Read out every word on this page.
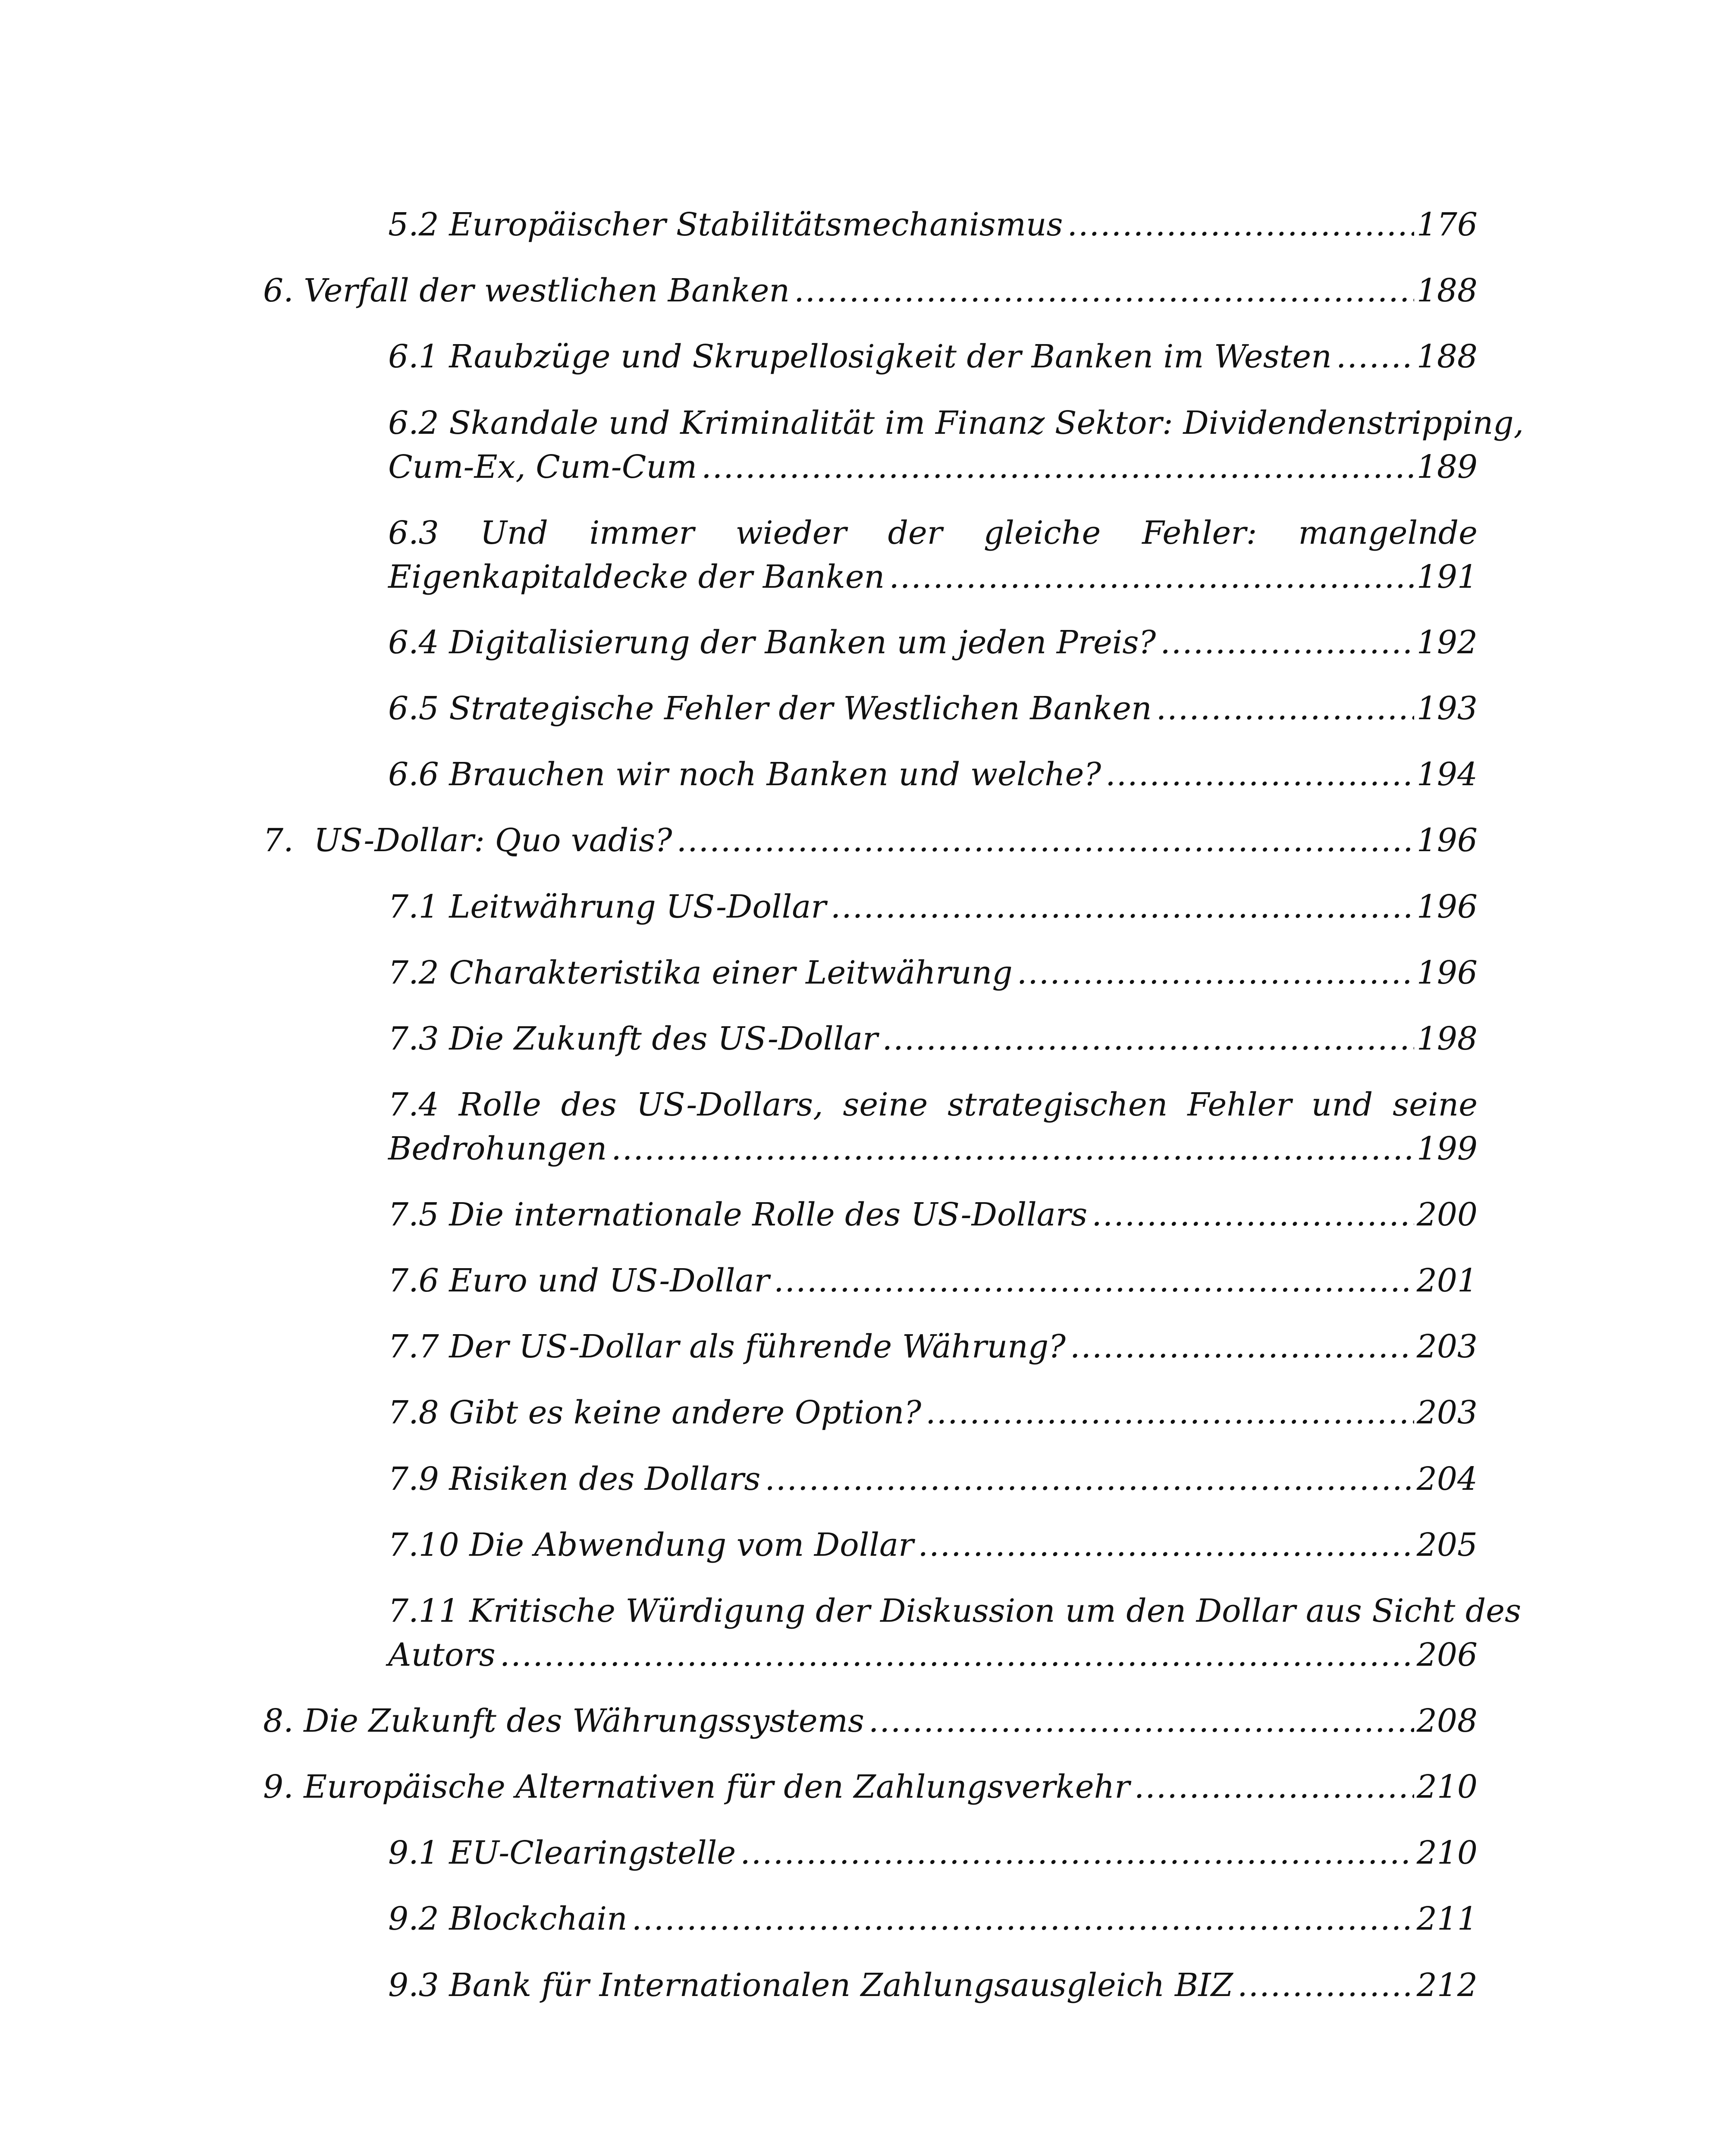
5.2 Europäischer Stabilitätsmechanismus .....	176
6. Verfall der westlichen Banken .....	188
6.1 Raubzüge und Skrupellosigkeit der Banken im Westen .....	188
6.2 Skandale und Kriminalität im Finanz Sektor: Dividendenstripping,
Cum-Ex, Cum-Cum .....	189
6.3 Und immer wieder der gleiche Fehler: mangelnde
Eigenkapitaldecke der Banken .....	191
6.4 Digitalisierung der Banken um jeden Preis? .....	192
6.5 Strategische Fehler der Westlichen Banken .....	193
6.6 Brauchen wir noch Banken und welche? .....	194
7.  US-Dollar: Quo vadis? .....	196
7.1 Leitwährung US-Dollar .....	196
7.2 Charakteristika einer Leitwährung .....	196
7.3 Die Zukunft des US-Dollar .....	198
7.4 Rolle des US-Dollars, seine strategischen Fehler und seine
Bedrohungen .....	199
7.5 Die internationale Rolle des US-Dollars .....	200
7.6 Euro und US-Dollar .....	201
7.7 Der US-Dollar als führende Währung? .....	203
7.8 Gibt es keine andere Option? .....	203
7.9 Risiken des Dollars .....	204
7.10 Die Abwendung vom Dollar .....	205
7.11 Kritische Würdigung der Diskussion um den Dollar aus Sicht des
Autors .....	206
8. Die Zukunft des Währungssystems .....	208
9. Europäische Alternativen für den Zahlungsverkehr .....	210
9.1 EU-Clearingstelle .....	210
9.2 Blockchain .....	211
9.3 Bank für Internationalen Zahlungsausgleich BIZ .....	212
